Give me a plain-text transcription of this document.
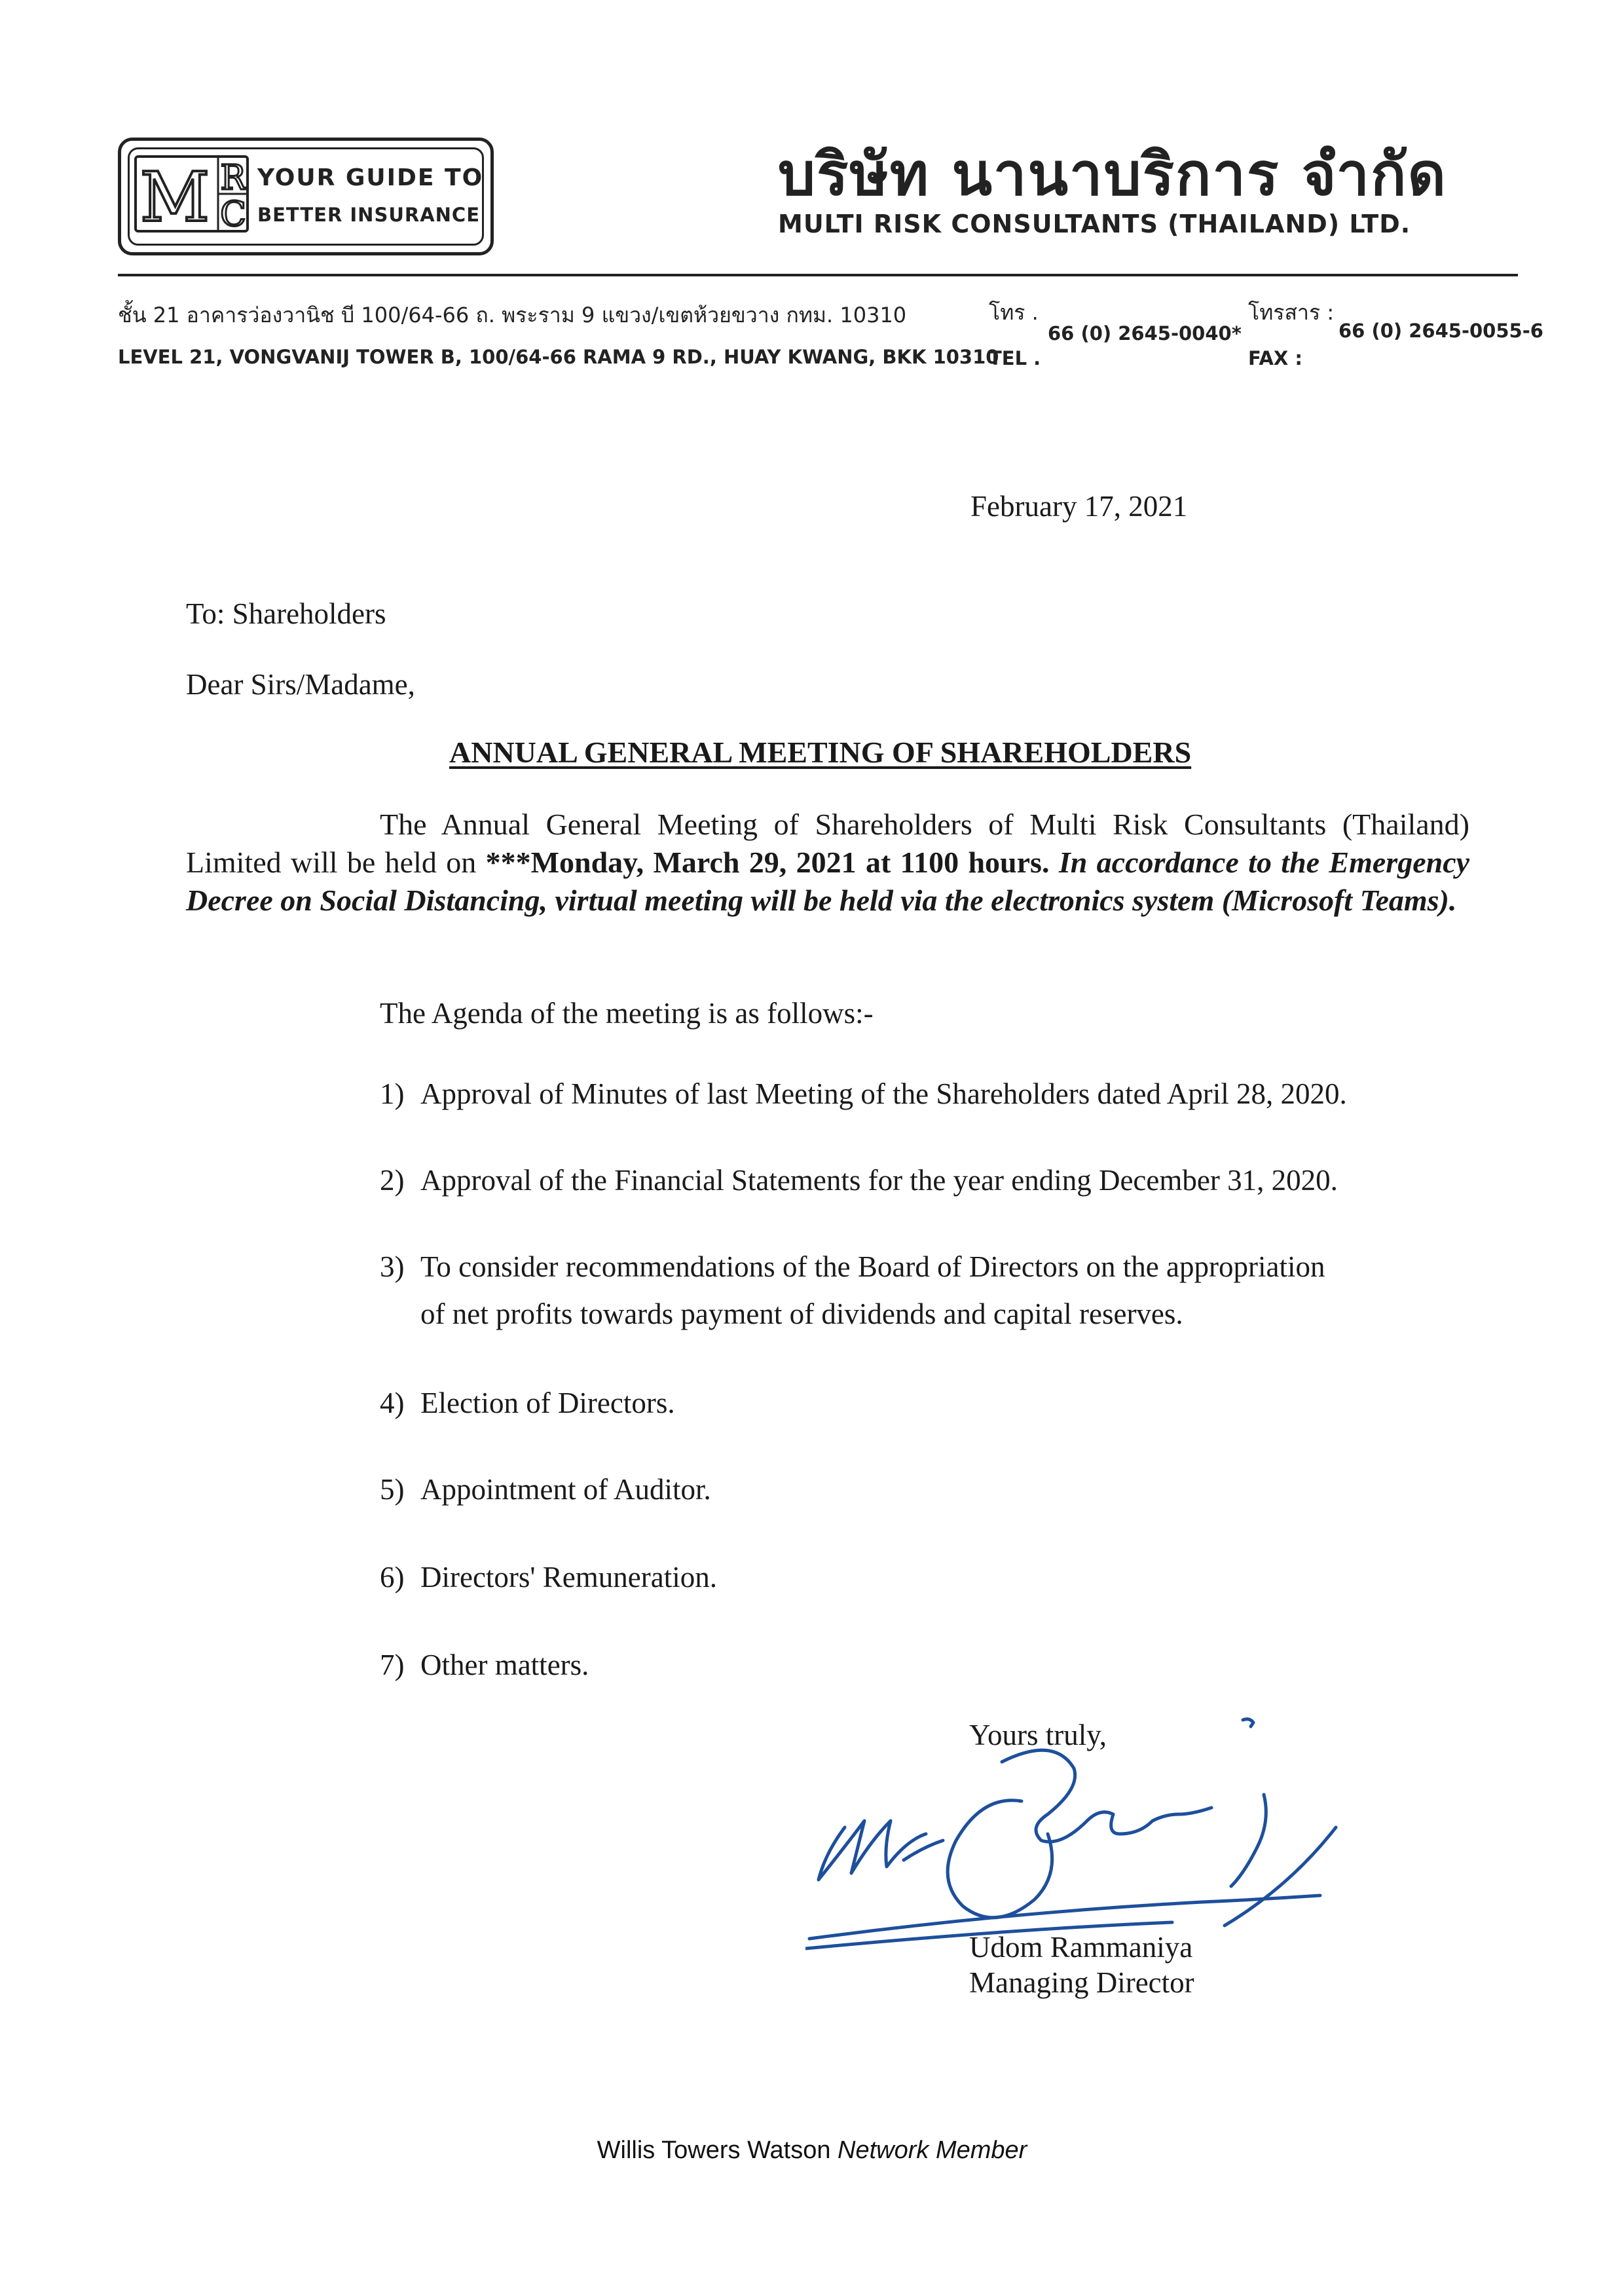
M R
C
YOUR GUIDE TO
BETTER INSURANCE
บริษัท นานาบริการ จำกัด
MULTI RISK CONSULTANTS (THAILAND) LTD.
ชั้น 21 อาคารว่องวานิช บี 100/64-66 ถ. พระราม 9 แขวง/เขตห้วยขวาง กทม. 10310
LEVEL 21, VONGVANIJ TOWER B, 100/64-66 RAMA 9 RD., HUAY KWANG, BKK 10310
โทร .
TEL .
66 (0) 2645-0040*
โทรสาร :
FAX :
66 (0) 2645-0055-6
February 17, 2021
To: Shareholders
Dear Sirs/Madame,
ANNUAL GENERAL MEETING OF SHAREHOLDERS
The Annual General Meeting of Shareholders of Multi Risk Consultants (Thailand) Limited will be held on ***Monday, March 29, 2021 at 1100 hours. In accordance to the Emergency Decree on Social Distancing, virtual meeting will be held via the electronics system (Microsoft Teams).
The Agenda of the meeting is as follows:-
1) Approval of Minutes of last Meeting of the Shareholders dated April 28, 2020.
2) Approval of the Financial Statements for the year ending December 31, 2020.
3) To consider recommendations of the Board of Directors on the appropriation
of net profits towards payment of dividends and capital reserves.
4) Election of Directors.
5) Appointment of Auditor.
6) Directors' Remuneration.
7) Other matters.
Yours truly,
Udom Rammaniya
Managing Director
Willis Towers Watson Network Member
